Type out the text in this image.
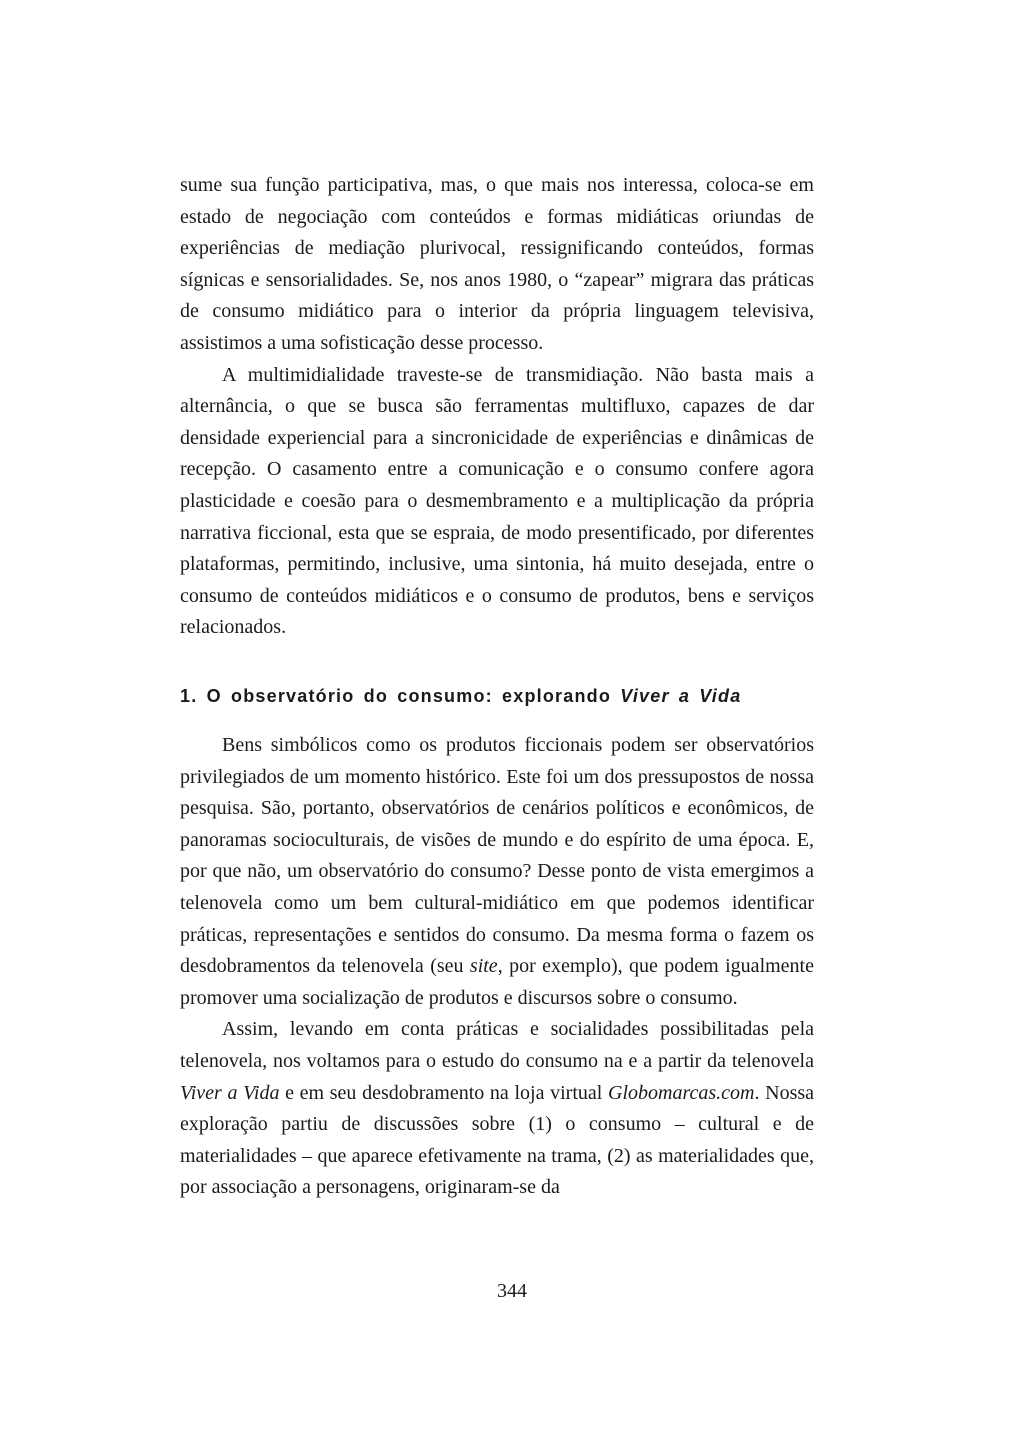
sume sua função participativa, mas, o que mais nos interessa, coloca-se em estado de negociação com conteúdos e formas midiáticas oriundas de experiências de mediação plurivocal, ressignificando conteúdos, formas sígnicas e sensorialidades. Se, nos anos 1980, o “zapear” migrara das práticas de consumo midiático para o interior da própria linguagem televisiva, assistimos a uma sofisticação desse processo.

A multimidialidade traveste-se de transmidiação. Não basta mais a alternância, o que se busca são ferramentas multifluxo, capazes de dar densidade experiencial para a sincronicidade de experiências e dinâmicas de recepção. O casamento entre a comunicação e o consumo confere agora plasticidade e coesão para o desmembramento e a multiplicação da própria narrativa ficcional, esta que se espraia, de modo presentificado, por diferentes plataformas, permitindo, inclusive, uma sintonia, há muito desejada, entre o consumo de conteúdos midiáticos e o consumo de produtos, bens e serviços relacionados.

1. O observatório do consumo: explorando Viver a Vida

Bens simbólicos como os produtos ficcionais podem ser observatórios privilegiados de um momento histórico. Este foi um dos pressupostos de nossa pesquisa. São, portanto, observatórios de cenários políticos e econômicos, de panoramas socioculturais, de visões de mundo e do espírito de uma época. E, por que não, um observatório do consumo? Desse ponto de vista emergimos a telenovela como um bem cultural-midiático em que podemos identificar práticas, representações e sentidos do consumo. Da mesma forma o fazem os desdobramentos da telenovela (seu site, por exemplo), que podem igualmente promover uma socialização de produtos e discursos sobre o consumo.

Assim, levando em conta práticas e socialidades possibilitadas pela telenovela, nos voltamos para o estudo do consumo na e a partir da telenovela Viver a Vida e em seu desdobramento na loja virtual Globomarcas.com. Nossa exploração partiu de discussões sobre (1) o consumo – cultural e de materialidades – que aparece efetivamente na trama, (2) as materialidades que, por associação a personagens, originaram-se da

344
